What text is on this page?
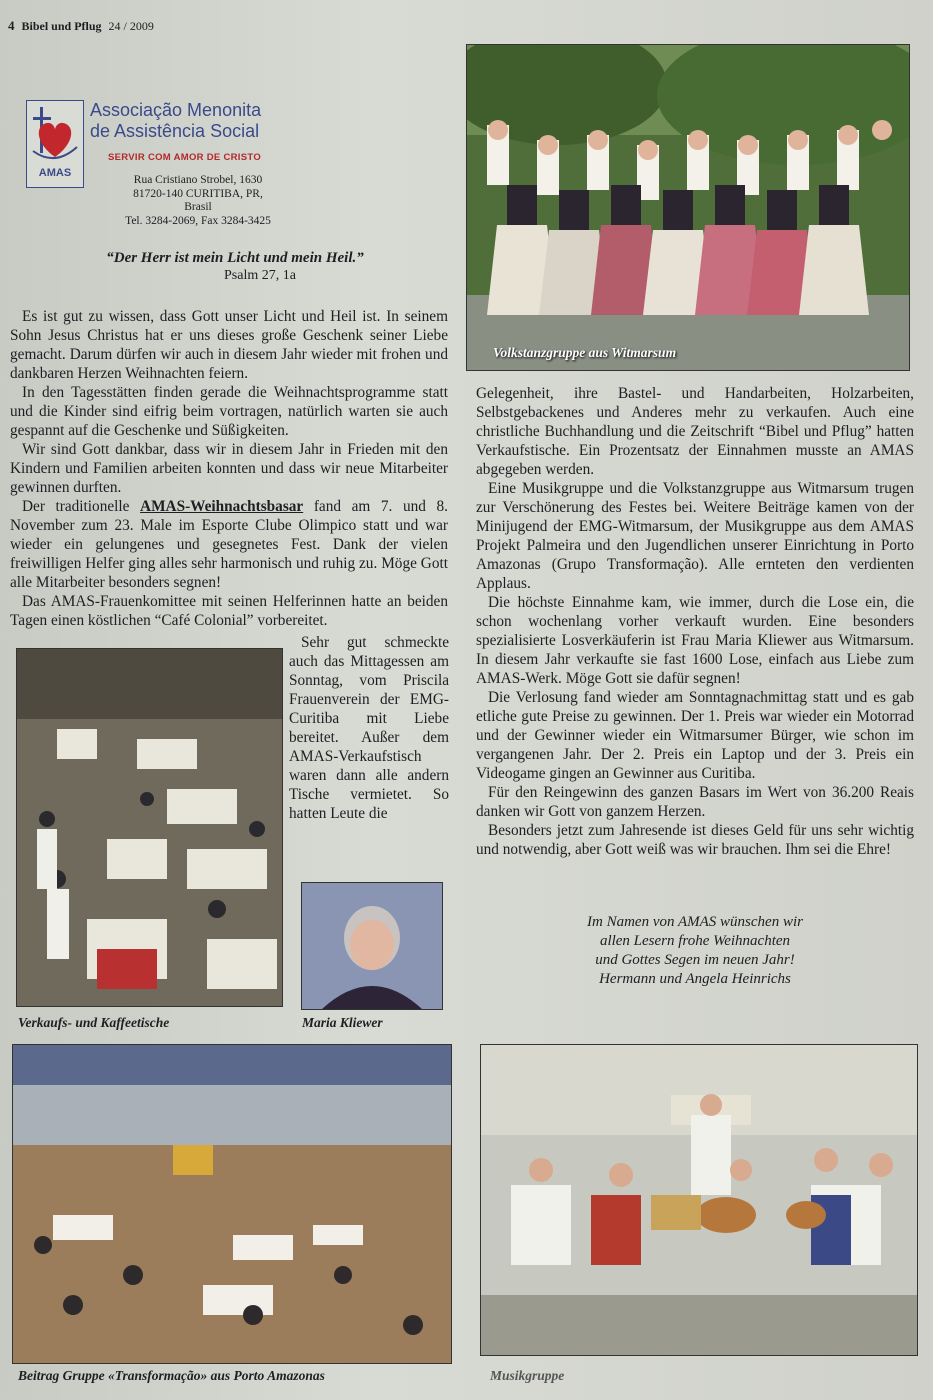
4 Bibel und Pflug 24 / 2009
AMAS
Associação Menonita
de Assistência Social
SERVIR COM AMOR DE CRISTO
Rua Cristiano Strobel, 1630
81720-140 CURITIBA, PR, Brasil
Tel. 3284-2069, Fax 3284-3425
“Der Herr ist mein Licht und mein Heil.”
Psalm 27, 1a

Es ist gut zu wissen, dass Gott unser Licht und Heil ist. In seinem Sohn Jesus Christus hat er uns dieses große Geschenk seiner Liebe gemacht. Darum dürfen wir auch in diesem Jahr wieder mit frohen und dankbaren Herzen Weihnachten feiern.

In den Tagesstätten finden gerade die Weihnachtsprogramme statt und die Kinder sind eifrig beim vortragen, natürlich warten sie auch gespannt auf die Geschenke und Süßigkeiten.

Wir sind Gott dankbar, dass wir in diesem Jahr in Frieden mit den Kindern und Familien arbeiten konnten und dass wir neue Mitarbeiter gewinnen durften.

Der traditionelle AMAS-Weihnachtsbasar fand am 7. und 8. November zum 23. Male im Esporte Clube Olimpico statt und war wieder ein gelungenes und gesegnetes Fest. Dank der vielen freiwilligen Helfer ging alles sehr harmonisch und ruhig zu. Möge Gott alle Mitarbeiter besonders segnen!

Das AMAS-Frauenkomittee mit seinen Helferinnen hatte an beiden Tagen einen köstlichen “Café Colonial” vorbereitet.

Sehr gut schmeckte auch das Mittagessen am Sonntag, vom Priscila Frauenverein der EMG-Curitiba mit Liebe bereitet. Außer dem AMAS-Verkaufstisch waren dann alle andern Tische vermietet. So hatten Leute die

Gelegenheit, ihre Bastel- und Handarbeiten, Holzarbeiten, Selbstgebackenes und Anderes mehr zu verkaufen. Auch eine christliche Buchhandlung und die Zeitschrift “Bibel und Pflug” hatten Verkaufstische. Ein Prozentsatz der Einnahmen musste an AMAS abgegeben werden.

Eine Musikgruppe und die Volkstanzgruppe aus Witmarsum trugen zur Verschönerung des Festes bei. Weitere Beiträge kamen von der Minijugend der EMG-Witmarsum, der Musikgruppe aus dem AMAS Projekt Palmeira und den Jugendlichen unserer Einrichtung in Porto Amazonas (Grupo Transformação). Alle ernteten den verdienten Applaus.

Die höchste Einnahme kam, wie immer, durch die Lose ein, die schon wochenlang vorher verkauft wurden. Eine besonders spezialisierte Losverkäuferin ist Frau Maria Kliewer aus Witmarsum. In diesem Jahr verkaufte sie fast 1600 Lose, einfach aus Liebe zum AMAS-Werk. Möge Gott sie dafür segnen!

Die Verlosung fand wieder am Sonntagnachmittag statt und es gab etliche gute Preise zu gewinnen. Der 1. Preis war wieder ein Motorrad und der Gewinner wieder ein Witmarsumer Bürger, wie schon im vergangenen Jahr. Der 2. Preis ein Laptop und der 3. Preis ein Videogame gingen an Gewinner aus Curitiba.

Für den Reingewinn des ganzen Basars im Wert von 36.200 Reais danken wir Gott von ganzem Herzen.

Besonders jetzt zum Jahresende ist dieses Geld für uns sehr wichtig und notwendig, aber Gott weiß was wir brauchen. Ihm sei die Ehre!

Im Namen von AMAS wünschen wir
allen Lesern frohe Weihnachten
und Gottes Segen im neuen Jahr!
Hermann und Angela Heinrichs
Volkstanzgruppe aus Witmarsum
Verkaufs- und Kaffeetische	Maria Kliewer
Beitrag Gruppe «Transformação» aus Porto Amazonas	Musikgruppe
